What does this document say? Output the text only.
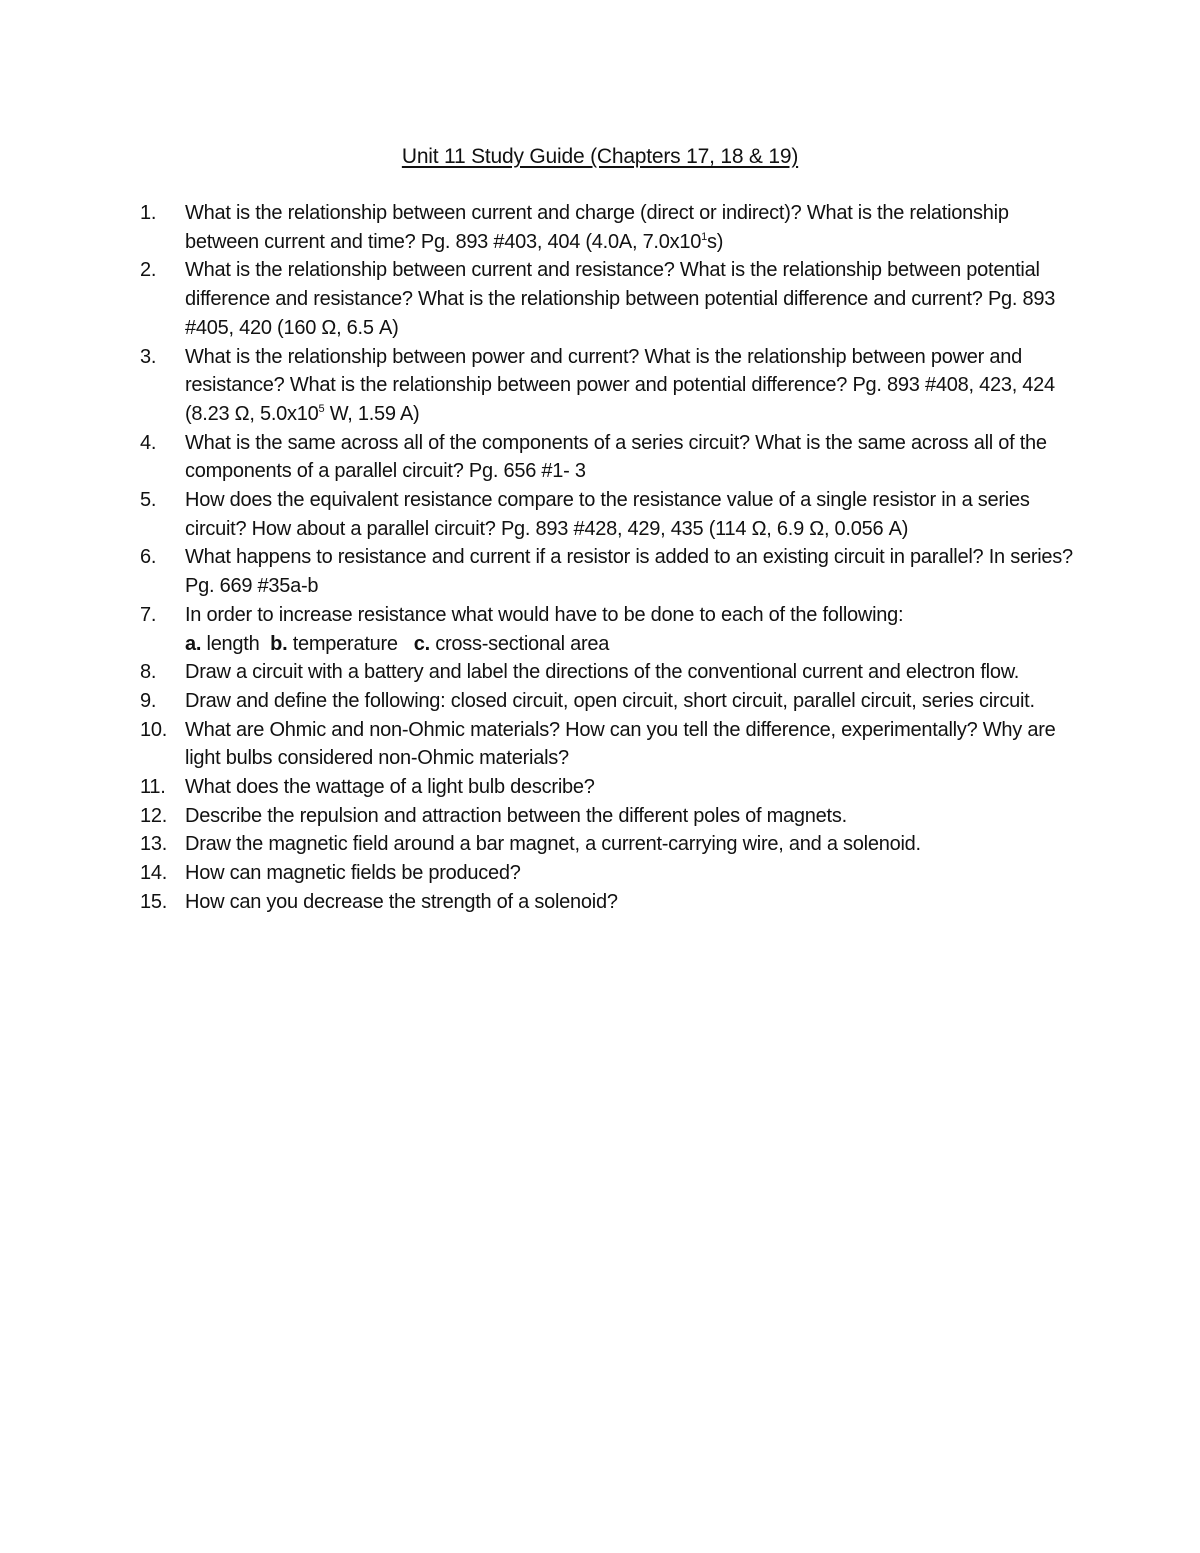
Unit 11 Study Guide (Chapters 17, 18 & 19)
1.	What is the relationship between current and charge (direct or indirect)? What is the relationship between current and time? Pg. 893 #403, 404 (4.0A, $7.0x10^1s$)
2.	What is the relationship between current and resistance? What is the relationship between potential difference and resistance? What is the relationship between potential difference and current? Pg. 893 #405, 420 (160 Ω, 6.5 A)
3.	What is the relationship between power and current? What is the relationship between power and resistance? What is the relationship between power and potential difference? Pg. 893 #408, 423, 424 (8.23 Ω, $5.0x10^5$ W, 1.59 A)
4.	What is the same across all of the components of a series circuit? What is the same across all of the components of a parallel circuit? Pg. 656 #1- 3
5.	How does the equivalent resistance compare to the resistance value of a single resistor in a series circuit? How about a parallel circuit? Pg. 893 #428, 429, 435 (114 Ω, 6.9 Ω, 0.056 A)
6.	What happens to resistance and current if a resistor is added to an existing circuit in parallel? In series? Pg. 669 #35a-b
7.	In order to increase resistance what would have to be done to each of the following:
a. length  b. temperature   c. cross-sectional area
8.	Draw a circuit with a battery and label the directions of the conventional current and electron flow.
9.	Draw and define the following: closed circuit, open circuit, short circuit, parallel circuit, series circuit.
10. What are Ohmic and non-Ohmic materials? How can you tell the difference, experimentally? Why are light bulbs considered non-Ohmic materials?
11. What does the wattage of a light bulb describe?
12. Describe the repulsion and attraction between the different poles of magnets.
13. Draw the magnetic field around a bar magnet, a current-carrying wire, and a solenoid.
14. How can magnetic fields be produced?
15. How can you decrease the strength of a solenoid?
